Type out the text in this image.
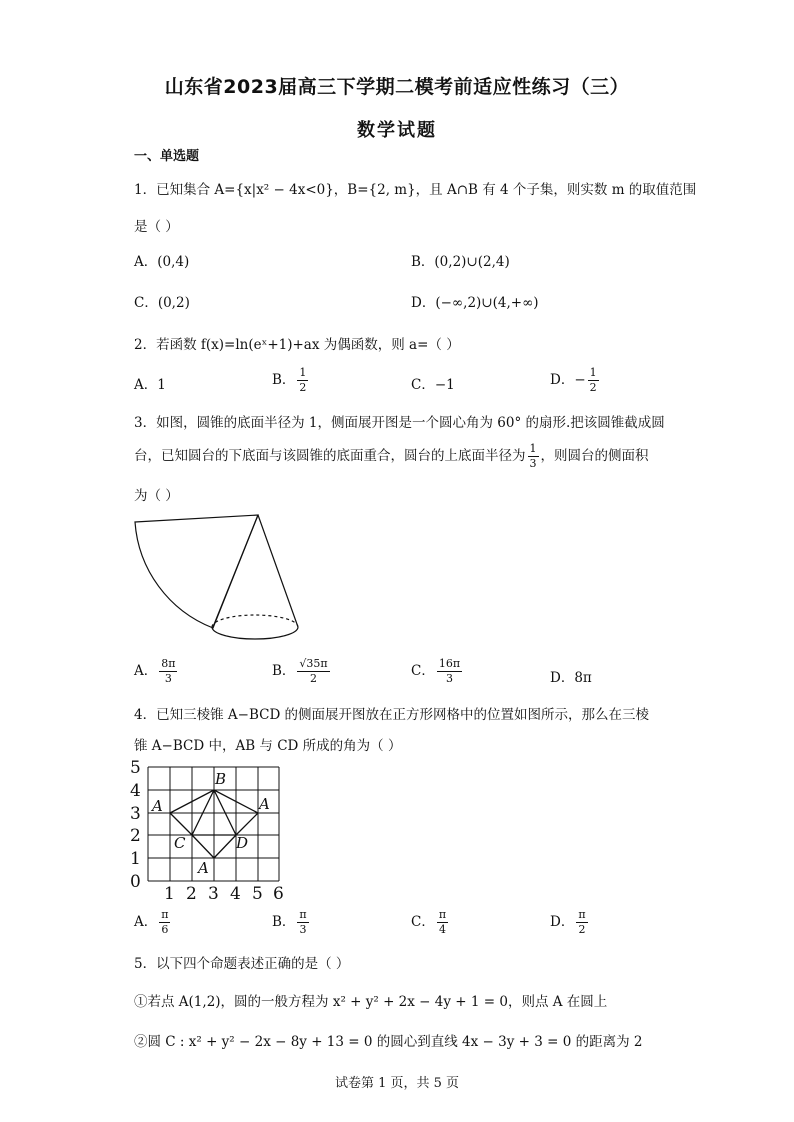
山东省2023届高三下学期二模考前适应性练习（三）
数学试题
一、单选题
1．已知集合 A={x|x² − 4x<0}，B={2, m}，且 A∩B 有 4 个子集，则实数 m 的取值范围
是（ ）
A．(0,4)	B．(0,2)∪(2,4)
C．(0,2)	D．(−∞,2)∪(4,+∞)
2．若函数 f(x)=ln(eˣ+1)+ax 为偶函数，则 a=（ ）
A．1	B． $\frac{1}{2}$	C．−1	D．− $\frac{1}{2}$
3．如图，圆锥的底面半径为 1，侧面展开图是一个圆心角为 60° 的扇形.把该圆锥截成圆
台，已知圆台的下底面与该圆锥的底面重合，圆台的上底面半径为 $\frac{1}{3}$ ，则圆台的侧面积
为（ ）
A． $\frac{8\pi}{3}$	B． $\frac{√35\pi}{2}$	C． $\frac{16\pi}{3}$	D．8π
4．已知三棱锥 A−BCD 的侧面展开图放在正方形网格中的位置如图所示，那么在三棱
锥 A−BCD 中，AB 与 CD 所成的角为（ ）
5
4
3
2
1
0
1 2 3 4 5 6
A
B
A
C	D
A
A． $\frac{\pi}{6}$	B． $\frac{\pi}{3}$	C． $\frac{\pi}{4}$	D． $\frac{\pi}{2}$
5．以下四个命题表述正确的是（ ）
①若点 A(1,2)，圆的一般方程为 x² + y² + 2x − 4y + 1 = 0，则点 A 在圆上
②圆 C : x² + y² − 2x − 8y + 13 = 0 的圆心到直线 4x − 3y + 3 = 0 的距离为 2
试卷第 1 页，共 5 页
